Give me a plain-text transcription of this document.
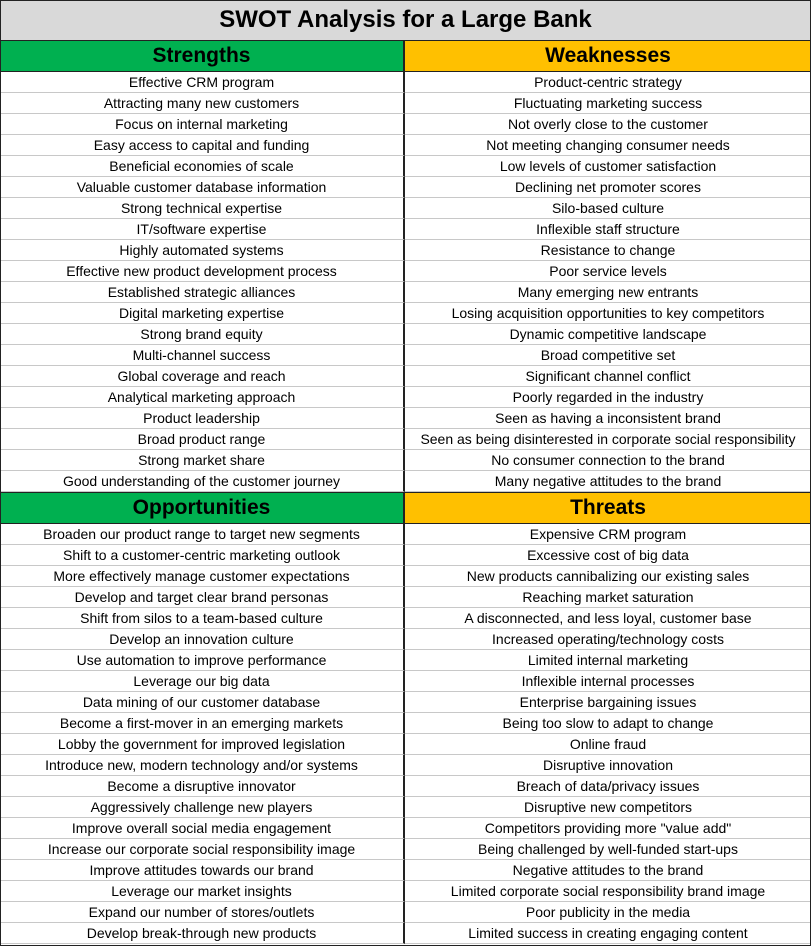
SWOT Analysis for a Large Bank
Strengths	Weaknesses
Effective CRM program	Product-centric strategy
Attracting many new customers	Fluctuating marketing success
Focus on internal marketing	Not overly close to the customer
Easy access to capital and funding	Not meeting changing consumer needs
Beneficial economies of scale	Low levels of customer satisfaction
Valuable customer database information	Declining net promoter scores
Strong technical expertise	Silo-based culture
IT/software expertise	Inflexible staff structure
Highly automated systems	Resistance to change
Effective new product development process	Poor service levels
Established strategic alliances	Many emerging new entrants
Digital marketing expertise	Losing acquisition opportunities to key competitors
Strong brand equity	Dynamic competitive landscape
Multi-channel success	Broad competitive set
Global coverage and reach	Significant channel conflict
Analytical marketing approach	Poorly regarded in the industry
Product leadership	Seen as having a inconsistent brand
Broad product range	Seen as being disinterested in corporate social responsibility
Strong market share	No consumer connection to the brand
Good understanding of the customer journey	Many negative attitudes to the brand
Opportunities	Threats
Broaden our product range to target new segments	Expensive CRM program
Shift to a customer-centric marketing outlook	Excessive cost of big data
More effectively manage customer expectations	New products cannibalizing our existing sales
Develop and target clear brand personas	Reaching market saturation
Shift from silos to a team-based culture	A disconnected, and less loyal, customer base
Develop an innovation culture	Increased operating/technology costs
Use automation to improve performance	Limited internal marketing
Leverage our big data	Inflexible internal processes
Data mining of our customer database	Enterprise bargaining issues
Become a first-mover in an emerging markets	Being too slow to adapt to change
Lobby the government for improved legislation	Online fraud
Introduce new, modern technology and/or systems	Disruptive innovation
Become a disruptive innovator	Breach of data/privacy issues
Aggressively challenge new players	Disruptive new competitors
Improve overall social media engagement	Competitors providing more "value add"
Increase our corporate social responsibility image	Being challenged by well-funded start-ups
Improve attitudes towards our brand	Negative attitudes to the brand
Leverage our market insights	Limited corporate social responsibility brand image
Expand our number of stores/outlets	Poor publicity in the media
Develop break-through new products	Limited success in creating engaging content
